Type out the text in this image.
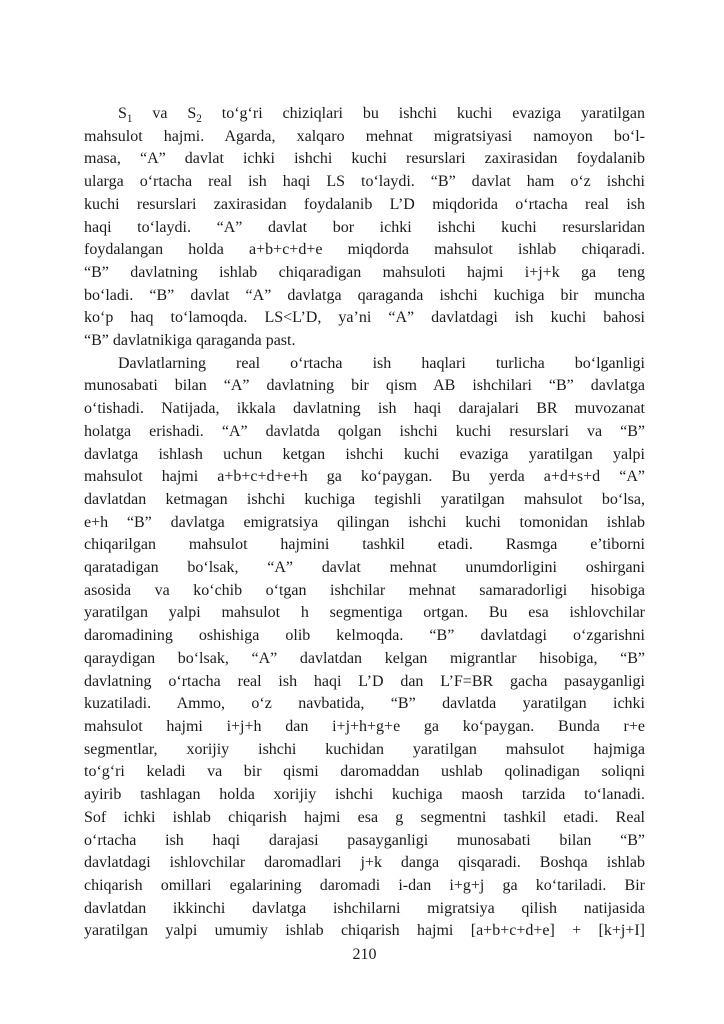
$S_1$ va $S_2$ to‘g‘ri chiziqlari bu ishchi kuchi evaziga yaratilgan
mahsulot hajmi. Agarda, xalqaro mehnat migratsiyasi namoyon bo‘l-
masa, “A” davlat ichki ishchi kuchi resurslari zaxirasidan foydalanib
ularga o‘rtacha real ish haqi LS to‘laydi. “B” davlat ham o‘z ishchi
kuchi resurslari zaxirasidan foydalanib L’D miqdorida o‘rtacha real ish
haqi to‘laydi. “A” davlat bor ichki ishchi kuchi resurslaridan
foydalangan holda a+b+c+d+e miqdorda mahsulot ishlab chiqaradi.
“B” davlatning ishlab chiqaradigan mahsuloti hajmi i+j+k ga teng
bo‘ladi. “B” davlat “A” davlatga qaraganda ishchi kuchiga bir muncha
ko‘p haq to‘lamoqda. LS<L’D, ya’ni “A” davlatdagi ish kuchi bahosi
“B” davlatnikiga qaraganda past.
Davlatlarning real o‘rtacha ish haqlari turlicha bo‘lganligi
munosabati bilan “A” davlatning bir qism AB ishchilari “B” davlatga
o‘tishadi. Natijada, ikkala davlatning ish haqi darajalari BR muvozanat
holatga erishadi. “A” davlatda qolgan ishchi kuchi resurslari va “B”
davlatga ishlash uchun ketgan ishchi kuchi evaziga yaratilgan yalpi
mahsulot hajmi a+b+c+d+e+h ga ko‘paygan. Bu yerda a+d+s+d “A”
davlatdan ketmagan ishchi kuchiga tegishli yaratilgan mahsulot bo‘lsa,
e+h “B” davlatga emigratsiya qilingan ishchi kuchi tomonidan ishlab
chiqarilgan mahsulot hajmini tashkil etadi. Rasmga e’tiborni
qaratadigan bo‘lsak, “A” davlat mehnat unumdorligini oshirgani
asosida va ko‘chib o‘tgan ishchilar mehnat samaradorligi hisobiga
yaratilgan yalpi mahsulot h segmentiga ortgan. Bu esa ishlovchilar
daromadining oshishiga olib kelmoqda. “B” davlatdagi o‘zgarishni
qaraydigan bo‘lsak, “A” davlatdan kelgan migrantlar hisobiga, “B”
davlatning o‘rtacha real ish haqi L’D dan L’F=BR gacha pasayganligi
kuzatiladi. Ammo, o‘z navbatida, “B” davlatda yaratilgan ichki
mahsulot hajmi i+j+h dan i+j+h+g+e ga ko‘paygan. Bunda r+e
segmentlar, xorijiy ishchi kuchidan yaratilgan mahsulot hajmiga
to‘g‘ri keladi va bir qismi daromaddan ushlab qolinadigan soliqni
ayirib tashlagan holda xorijiy ishchi kuchiga maosh tarzida to‘lanadi.
Sof ichki ishlab chiqarish hajmi esa g segmentni tashkil etadi. Real
o‘rtacha ish haqi darajasi pasayganligi munosabati bilan “B”
davlatdagi ishlovchilar daromadlari j+k danga qisqaradi. Boshqa ishlab
chiqarish omillari egalarining daromadi i-dan i+g+j ga ko‘tariladi. Bir
davlatdan ikkinchi davlatga ishchilarni migratsiya qilish natijasida
yaratilgan yalpi umumiy ishlab chiqarish hajmi [a+b+c+d+e] + [k+j+I]
210
